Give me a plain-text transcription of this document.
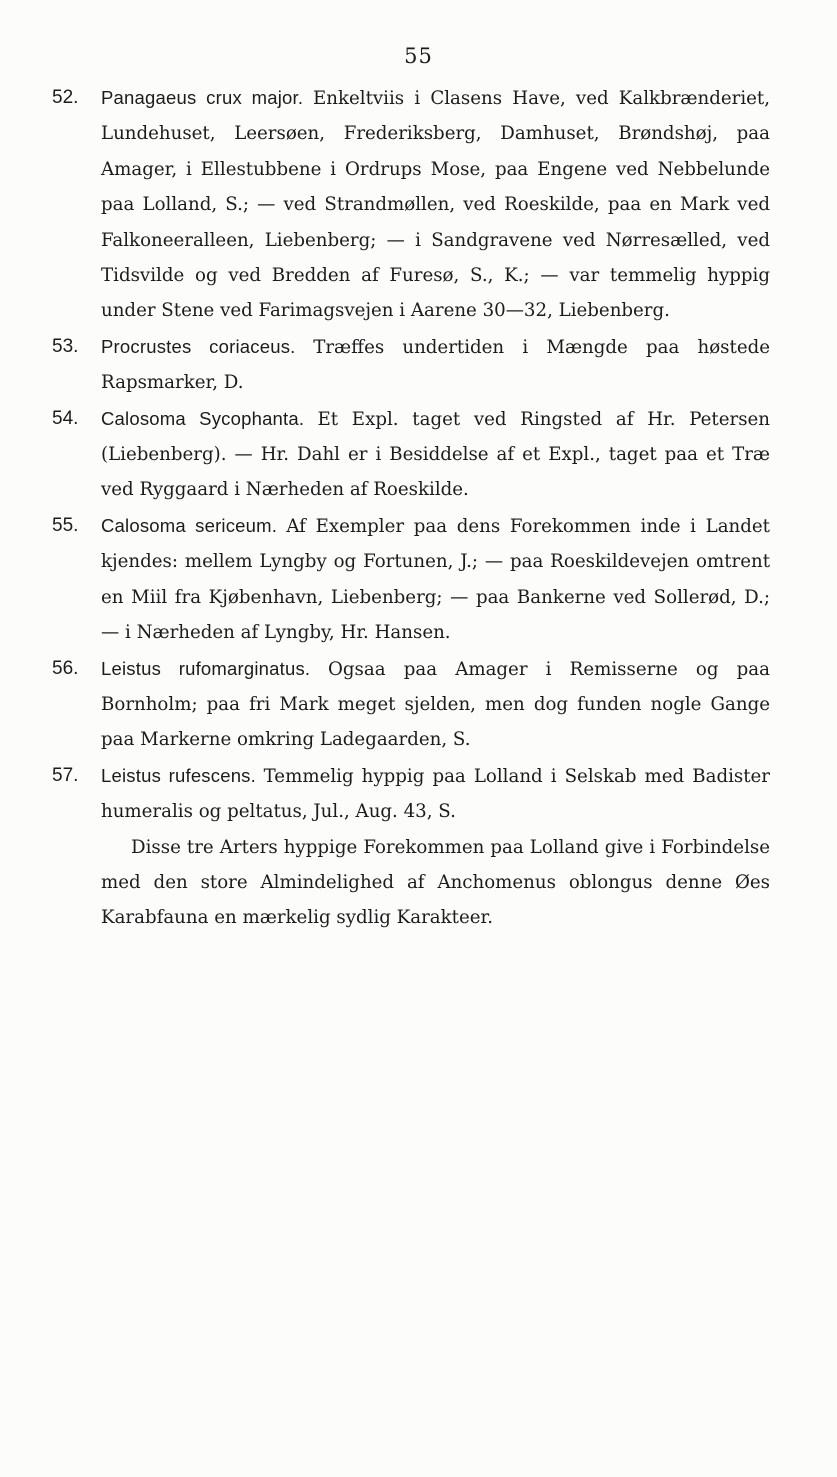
55

52.	Panagaeus crux major. Enkeltviis i Clasens Have, ved Kalkbrænderiet, Lundehuset, Leersøen, Frederiksberg, Damhuset, Brøndshøj, paa Amager, i Ellestubbene i Ordrups Mose, paa Engene ved Nebbelunde paa Lolland, S.; — ved Strandmøllen, ved Roeskilde, paa en Mark ved Falkoneeralleen, Liebenberg; — i Sandgravene ved Nørresælled, ved Tidsvilde og ved Bredden af Furesø, S., K.; — var temmelig hyppig under Stene ved Farimagsvejen i Aarene 30—32, Liebenberg.

53.	Procrustes coriaceus. Træffes undertiden i Mængde paa høstede Rapsmarker, D.

54.	Calosoma Sycophanta. Et Expl. taget ved Ringsted af Hr. Petersen (Liebenberg). — Hr. Dahl er i Besiddelse af et Expl., taget paa et Træ ved Ryggaard i Nærheden af Roeskilde.

55.	Calosoma sericeum. Af Exempler paa dens Forekommen inde i Landet kjendes: mellem Lyngby og Fortunen, J.; — paa Roeskildevejen omtrent en Miil fra Kjøbenhavn, Liebenberg; — paa Bankerne ved Sollerød, D.; — i Nærheden af Lyngby, Hr. Hansen.

56.	Leistus rufomarginatus. Ogsaa paa Amager i Remisserne og paa Bornholm; paa fri Mark meget sjelden, men dog funden nogle Gange paa Markerne omkring Ladegaarden, S.

57.	Leistus rufescens. Temmelig hyppig paa Lolland i Selskab med Badister humeralis og peltatus, Jul., Aug. 43, S.

Disse tre Arters hyppige Forekommen paa Lolland give i Forbindelse med den store Almindelighed af Anchomenus oblongus denne Øes Karabfauna en mærkelig sydlig Karakteer.
